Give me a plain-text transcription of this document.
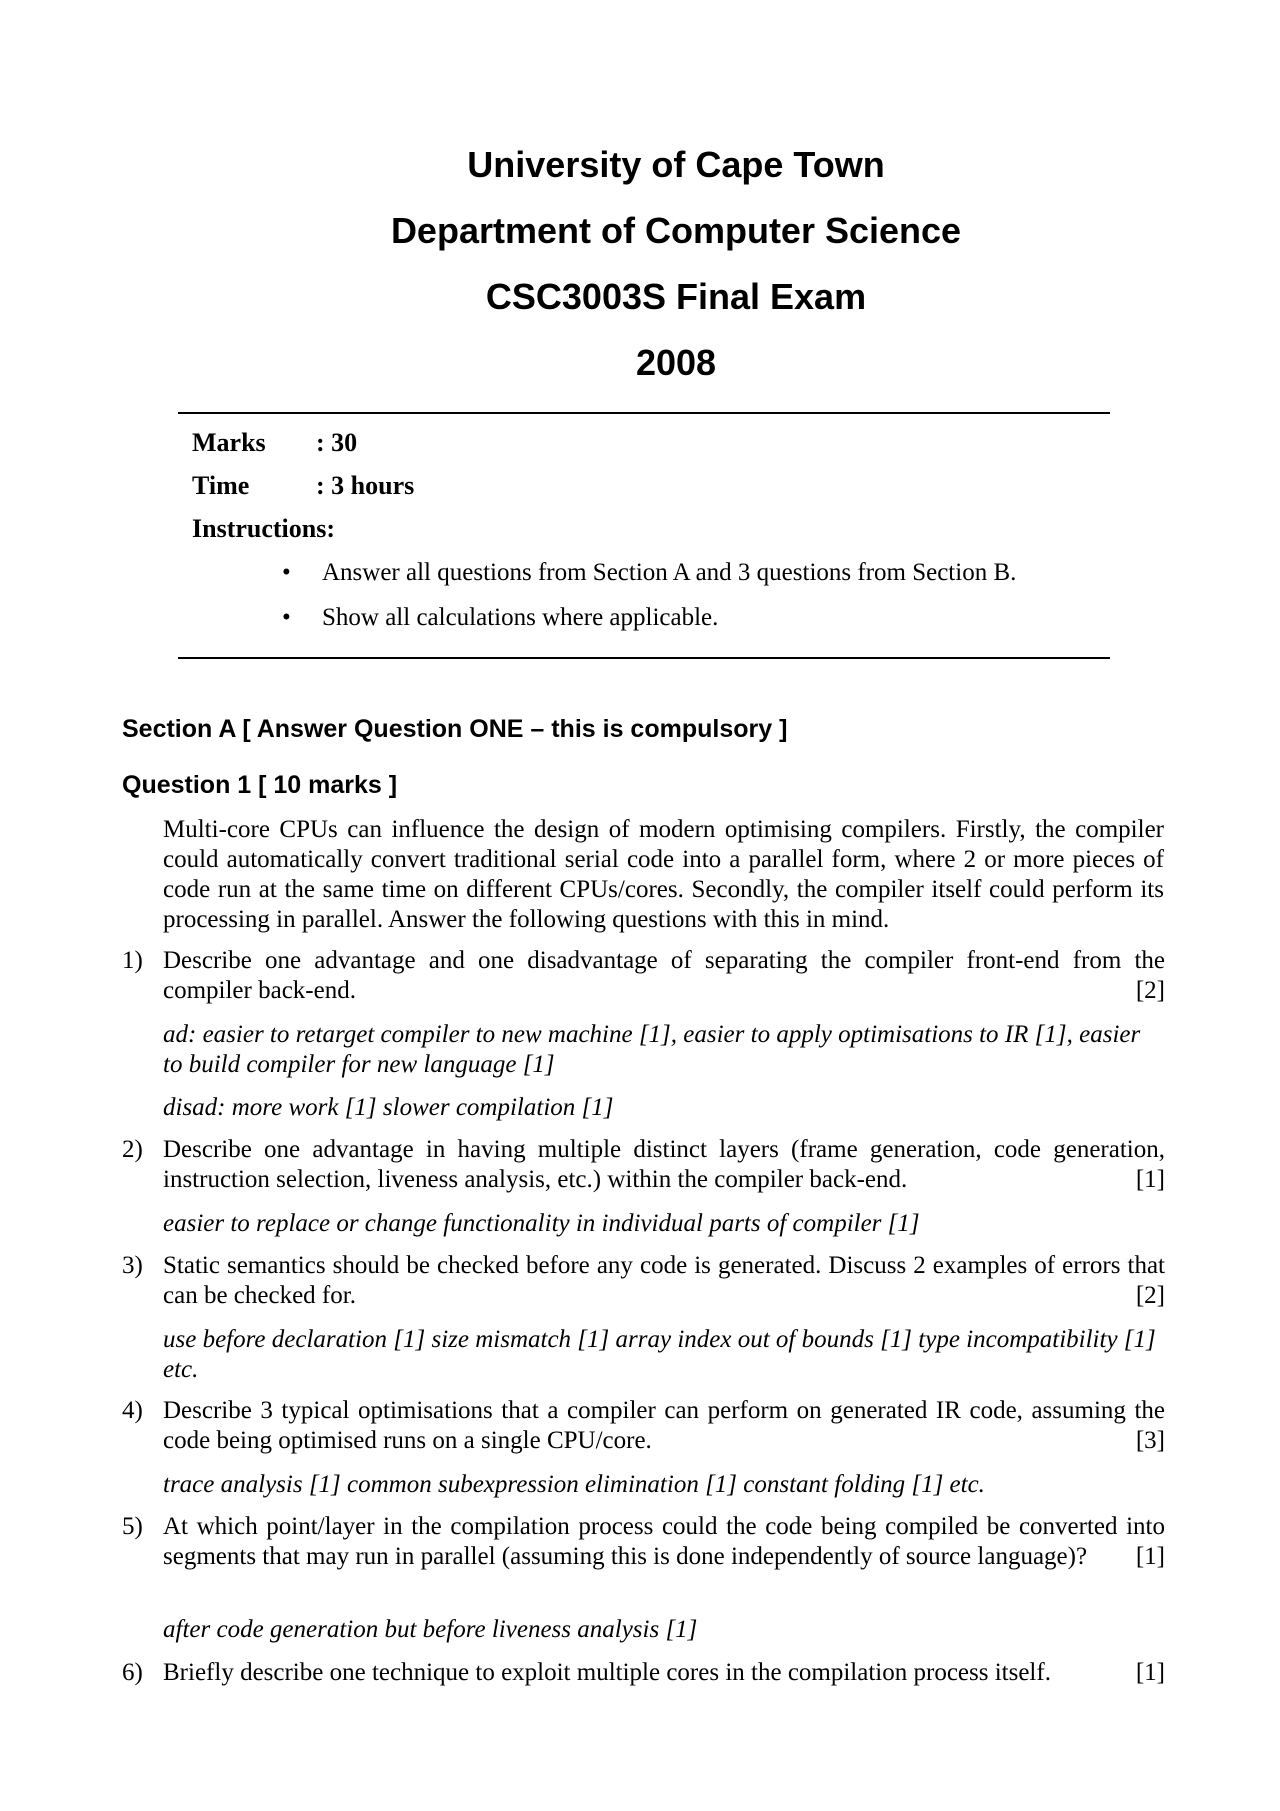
University of Cape Town
Department of Computer Science
CSC3003S Final Exam
2008
Marks	: 30
Time	: 3 hours
Instructions:
•	Answer all questions from Section A and 3 questions from Section B.
•	Show all calculations where applicable.
Section A [ Answer Question ONE – this is compulsory ]
Question 1 [ 10 marks ]
Multi-core CPUs can influence the design of modern optimising compilers. Firstly, the compiler could automatically convert traditional serial code into a parallel form, where 2 or more pieces of code run at the same time on different CPUs/cores. Secondly, the compiler itself could perform its processing in parallel. Answer the following questions with this in mind.
1) Describe one advantage and one disadvantage of separating the compiler front-end from the compiler back-end.	[2]
ad: easier to retarget compiler to new machine [1], easier to apply optimisations to IR [1], easier to build compiler for new language [1]
disad: more work [1] slower compilation [1]
2) Describe one advantage in having multiple distinct layers (frame generation, code generation, instruction selection, liveness analysis, etc.) within the compiler back-end.	[1]
easier to replace or change functionality in individual parts of compiler [1]
3) Static semantics should be checked before any code is generated. Discuss 2 examples of errors that can be checked for.	[2]
use before declaration [1] size mismatch [1] array index out of bounds [1] type incompatibility [1] etc.
4) Describe 3 typical optimisations that a compiler can perform on generated IR code, assuming the code being optimised runs on a single CPU/core.	[3]
trace analysis [1] common subexpression elimination [1] constant folding [1] etc.
5) At which point/layer in the compilation process could the code being compiled be converted into segments that may run in parallel (assuming this is done independently of source language)? [1]
after code generation but before liveness analysis [1]
6) Briefly describe one technique to exploit multiple cores in the compilation process itself.	[1]
